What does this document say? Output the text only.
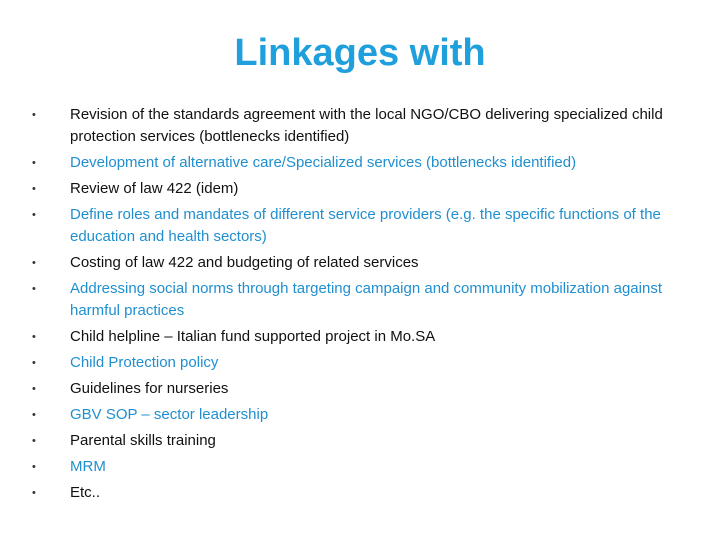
Linkages with
• Revision of the standards agreement with the local NGO/CBO delivering specialized child protection services (bottlenecks identified)
• Development of alternative care/Specialized services (bottlenecks identified)
• Review of law 422 (idem)
• Define roles and mandates of different service providers (e.g. the specific functions of the education and health sectors)
• Costing of law 422 and budgeting of related services
• Addressing social norms through targeting campaign and community mobilization against harmful practices
• Child helpline – Italian fund supported project in Mo.SA
• Child Protection policy
• Guidelines for nurseries
• GBV SOP – sector leadership
• Parental skills training
• MRM
• Etc..
